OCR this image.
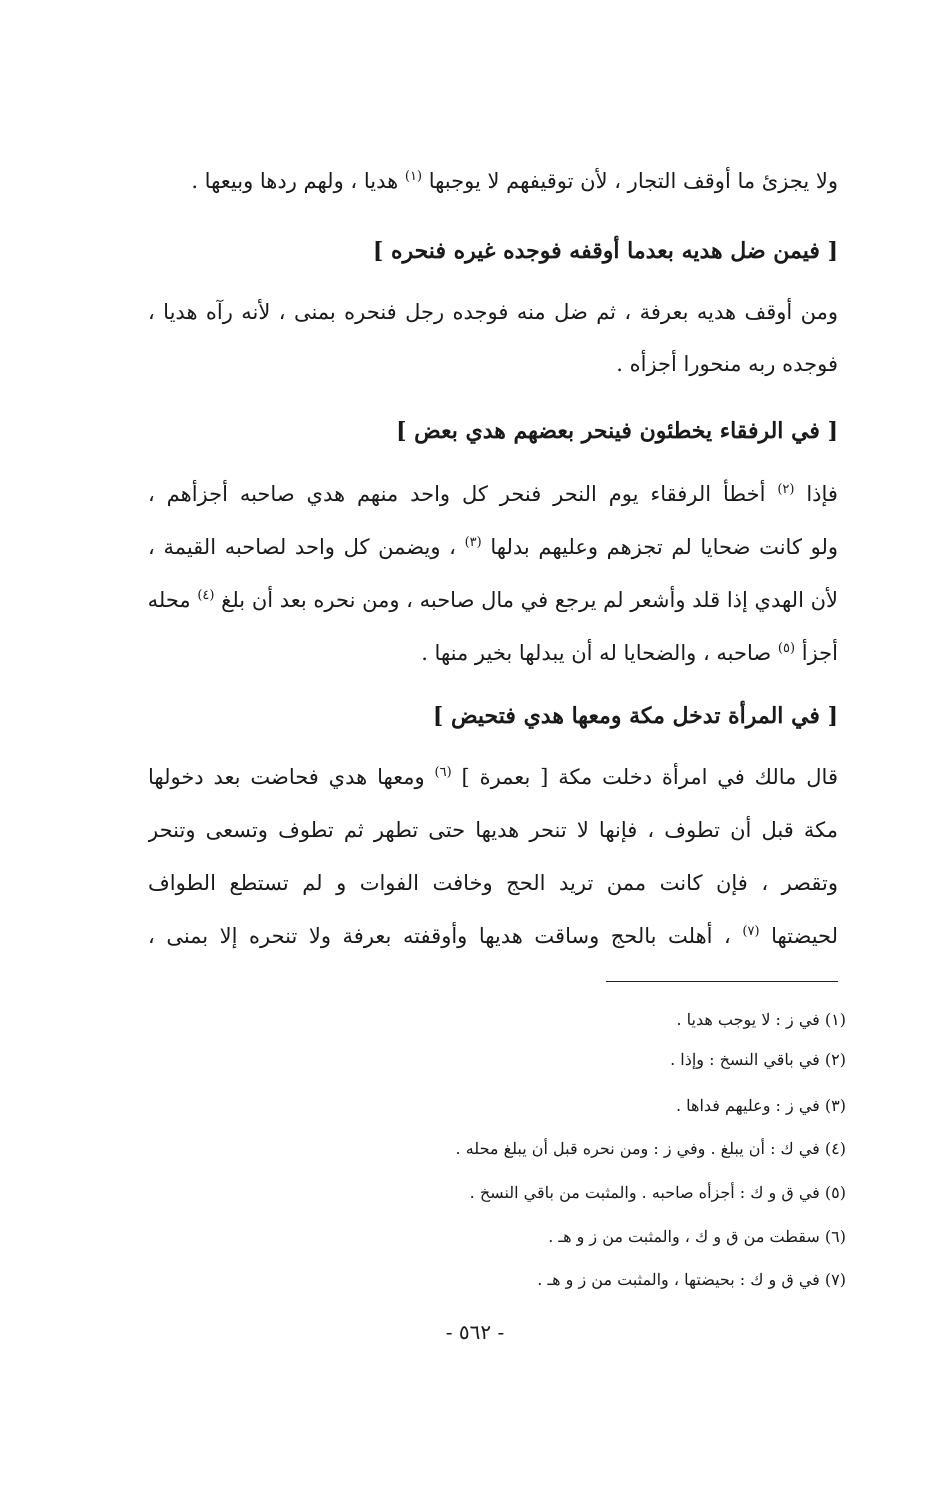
ولا يجزئ ما أوقف التجار ، لأن توقيفهم لا يوجبها $^{(١)}$ هديا ، ولهم ردها وبيعها .
[ فيمن ضل هديه بعدما أوقفه فوجده غيره فنحره ]
ومن أوقف هديه بعرفة ، ثم ضل منه فوجده رجل فنحره بمنى ، لأنه رآه هديا ،
فوجده ربه منحورا أجزأه .
[ في الرفقاء يخطئون فينحر بعضهم هدي بعض ]
فإذا $^{(٢)}$ أخطأ الرفقاء يوم النحر فنحر كل واحد منهم هدي صاحبه أجزأهم ،
ولو كانت ضحايا لم تجزهم وعليهم بدلها $^{(٣)}$ ، ويضمن كل واحد لصاحبه القيمة ،
لأن الهدي إذا قلد وأشعر لم يرجع في مال صاحبه ، ومن نحره بعد أن بلغ $^{(٤)}$ محله
أجزأ $^{(٥)}$ صاحبه ، والضحايا له أن يبدلها بخير منها .
[ في المرأة تدخل مكة ومعها هدي فتحيض ]
قال مالك في امرأة دخلت مكة [ بعمرة ] $^{(٦)}$ ومعها هدي فحاضت بعد دخولها
مكة قبل أن تطوف ، فإنها لا تنحر هديها حتى تطهر ثم تطوف وتسعى وتنحر
وتقصر ، فإن كانت ممن تريد الحج وخافت الفوات و لم تستطع الطواف
لحيضتها $^{(٧)}$ ، أهلت بالحج وساقت هديها وأوقفته بعرفة ولا تنحره إلا بمنى ،
(١) في ز : لا يوجب هديا .
(٢) في باقي النسخ : وإذا .
(٣) في ز : وعليهم فداها .
(٤) في ك : أن يبلغ . وفي ز : ومن نحره قبل أن يبلغ محله .
(٥) في ق و ك : أجزأه صاحبه . والمثبت من باقي النسخ .
(٦) سقطت من ق و ك ، والمثبت من ز و هـ .
(٧) في ق و ك : بحيضتها ، والمثبت من ز و هـ .
- ٥٦٢ -
